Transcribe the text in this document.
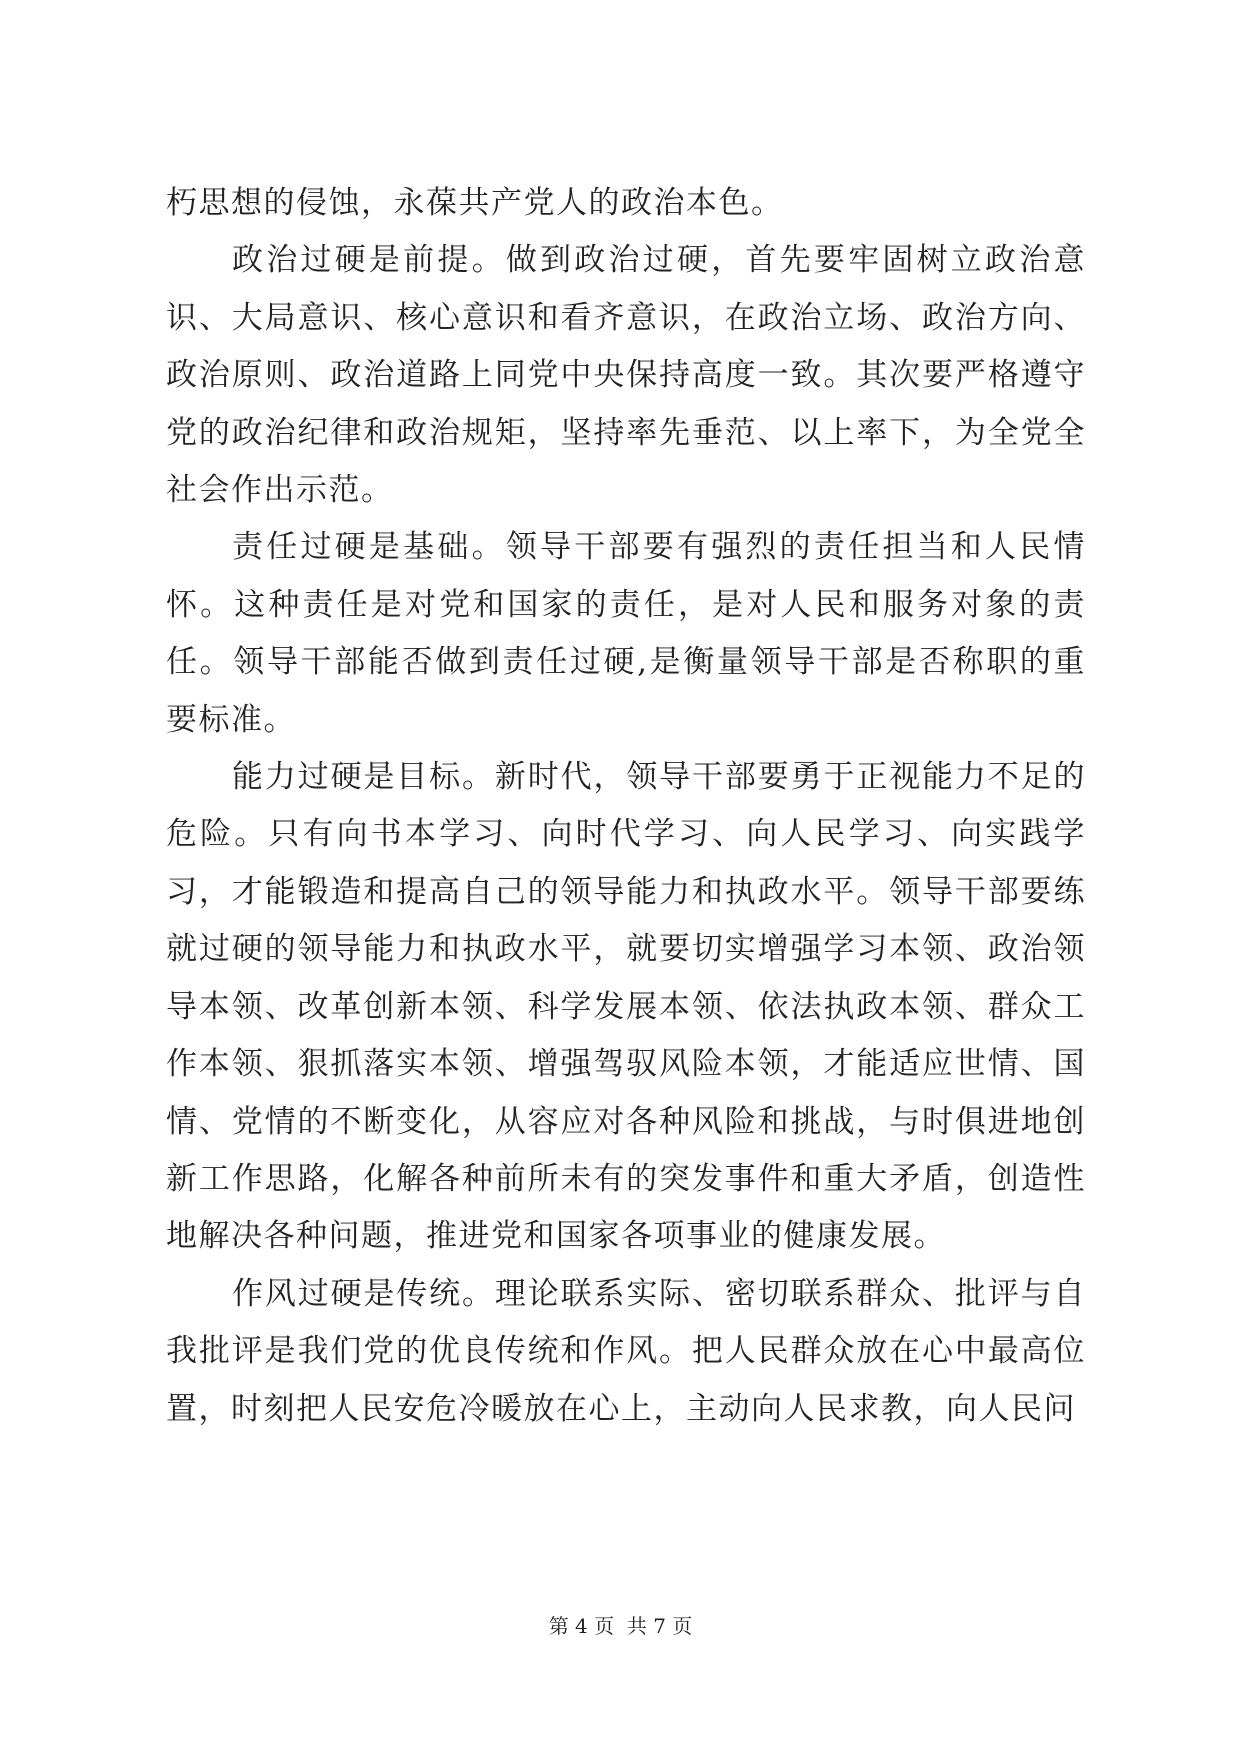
朽思想的侵蚀，永葆共产党人的政治本色。

政治过硬是前提。做到政治过硬，首先要牢固树立政治意识、大局意识、核心意识和看齐意识，在政治立场、政治方向、政治原则、政治道路上同党中央保持高度一致。其次要严格遵守党的政治纪律和政治规矩，坚持率先垂范、以上率下，为全党全社会作出示范。

责任过硬是基础。领导干部要有强烈的责任担当和人民情怀。这种责任是对党和国家的责任，是对人民和服务对象的责任。领导干部能否做到责任过硬,是衡量领导干部是否称职的重要标准。

能力过硬是目标。新时代，领导干部要勇于正视能力不足的危险。只有向书本学习、向时代学习、向人民学习、向实践学习，才能锻造和提高自己的领导能力和执政水平。领导干部要练就过硬的领导能力和执政水平，就要切实增强学习本领、政治领导本领、改革创新本领、科学发展本领、依法执政本领、群众工作本领、狠抓落实本领、增强驾驭风险本领，才能适应世情、国情、党情的不断变化，从容应对各种风险和挑战，与时俱进地创新工作思路，化解各种前所未有的突发事件和重大矛盾，创造性地解决各种问题，推进党和国家各项事业的健康发展。

作风过硬是传统。理论联系实际、密切联系群众、批评与自我批评是我们党的优良传统和作风。把人民群众放在心中最高位置，时刻把人民安危冷暖放在心上，主动向人民求教，向人民问

第 4 页  共 7 页
